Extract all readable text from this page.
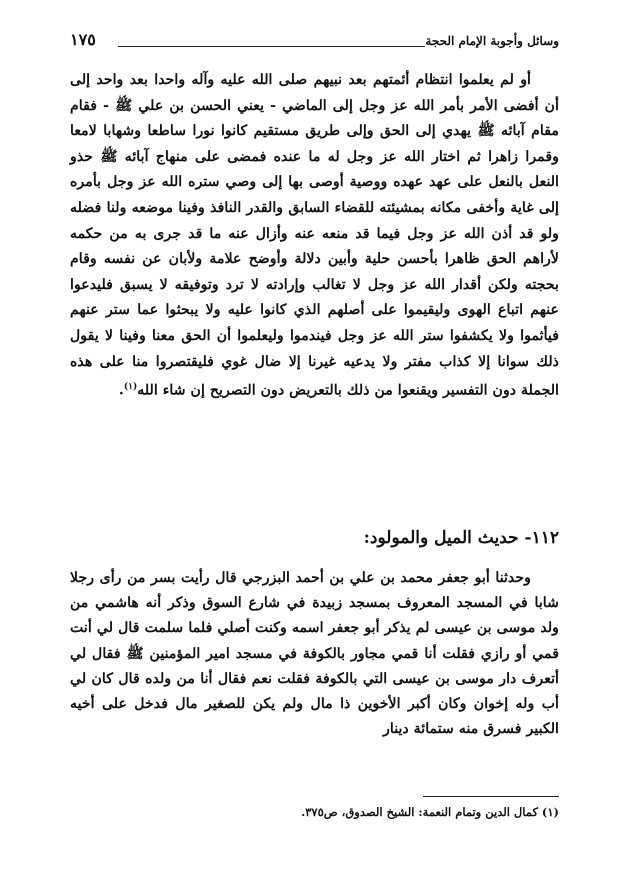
وسائل وأجوبة الإمام الحجة
١٧٥

أو لم يعلموا انتظام أئمتهم بعد نبيهم صلى الله عليه وآله واحدا بعد واحد إلى أن أفضى الأمر بأمر الله عز وجل إلى الماضي - يعني الحسن بن علي ﷺ - فقام مقام آبائه ﷺ يهدي إلى الحق وإلى طريق مستقيم كانوا نورا ساطعا وشهابا لامعا وقمرا زاهرا ثم اختار الله عز وجل له ما عنده فمضى على منهاج آبائه ﷺ حذو النعل بالنعل على عهد عهده ووصية أوصى بها إلى وصي ستره الله عز وجل بأمره إلى غاية وأخفى مكانه بمشيئته للقضاء السابق والقدر النافذ وفينا موضعه ولنا فضله ولو قد أذن الله عز وجل فيما قد منعه عنه وأزال عنه ما قد جرى به من حكمه لأراهم الحق ظاهرا بأحسن حلية وأبين دلالة وأوضح علامة ولأبان عن نفسه وقام بحجته ولكن أقدار الله عز وجل لا تغالب وإرادته لا ترد وتوفيقه لا يسبق فليدعوا عنهم اتباع الهوى وليقيموا على أصلهم الذي كانوا عليه ولا يبحثوا عما ستر عنهم فيأثموا ولا يكشفوا ستر الله عز وجل فيندموا وليعلموا أن الحق معنا وفينا لا يقول ذلك سوانا إلا كذاب مفتر ولا يدعيه غيرنا إلا ضال غوي فليقتصروا منا على هذه الجملة دون التفسير ويقنعوا من ذلك بالتعريض دون التصريح إن شاء الله$^{(١)}$.

١١٢- حديث الميل والمولود:

وحدثنا أبو جعفر محمد بن علي بن أحمد البزرجي قال رأيت بسر من رأى رجلا شابا في المسجد المعروف بمسجد زبيدة في شارع السوق وذكر أنه هاشمي من ولد موسى بن عيسى لم يذكر أبو جعفر اسمه وكنت أصلي فلما سلمت قال لي أنت قمي أو رازي فقلت أنا قمي مجاور بالكوفة في مسجد امير المؤمنين ﷺ فقال لي أتعرف دار موسى بن عيسى التي بالكوفة فقلت نعم فقال أنا من ولده قال كان لي أب وله إخوان وكان أكبر الأخوين ذا مال ولم يكن للصغير مال فدخل على أخيه الكبير فسرق منه ستمائة دينار

(١) كمال الدين وتمام النعمة: الشيخ الصدوق، ص٣٧٥.
